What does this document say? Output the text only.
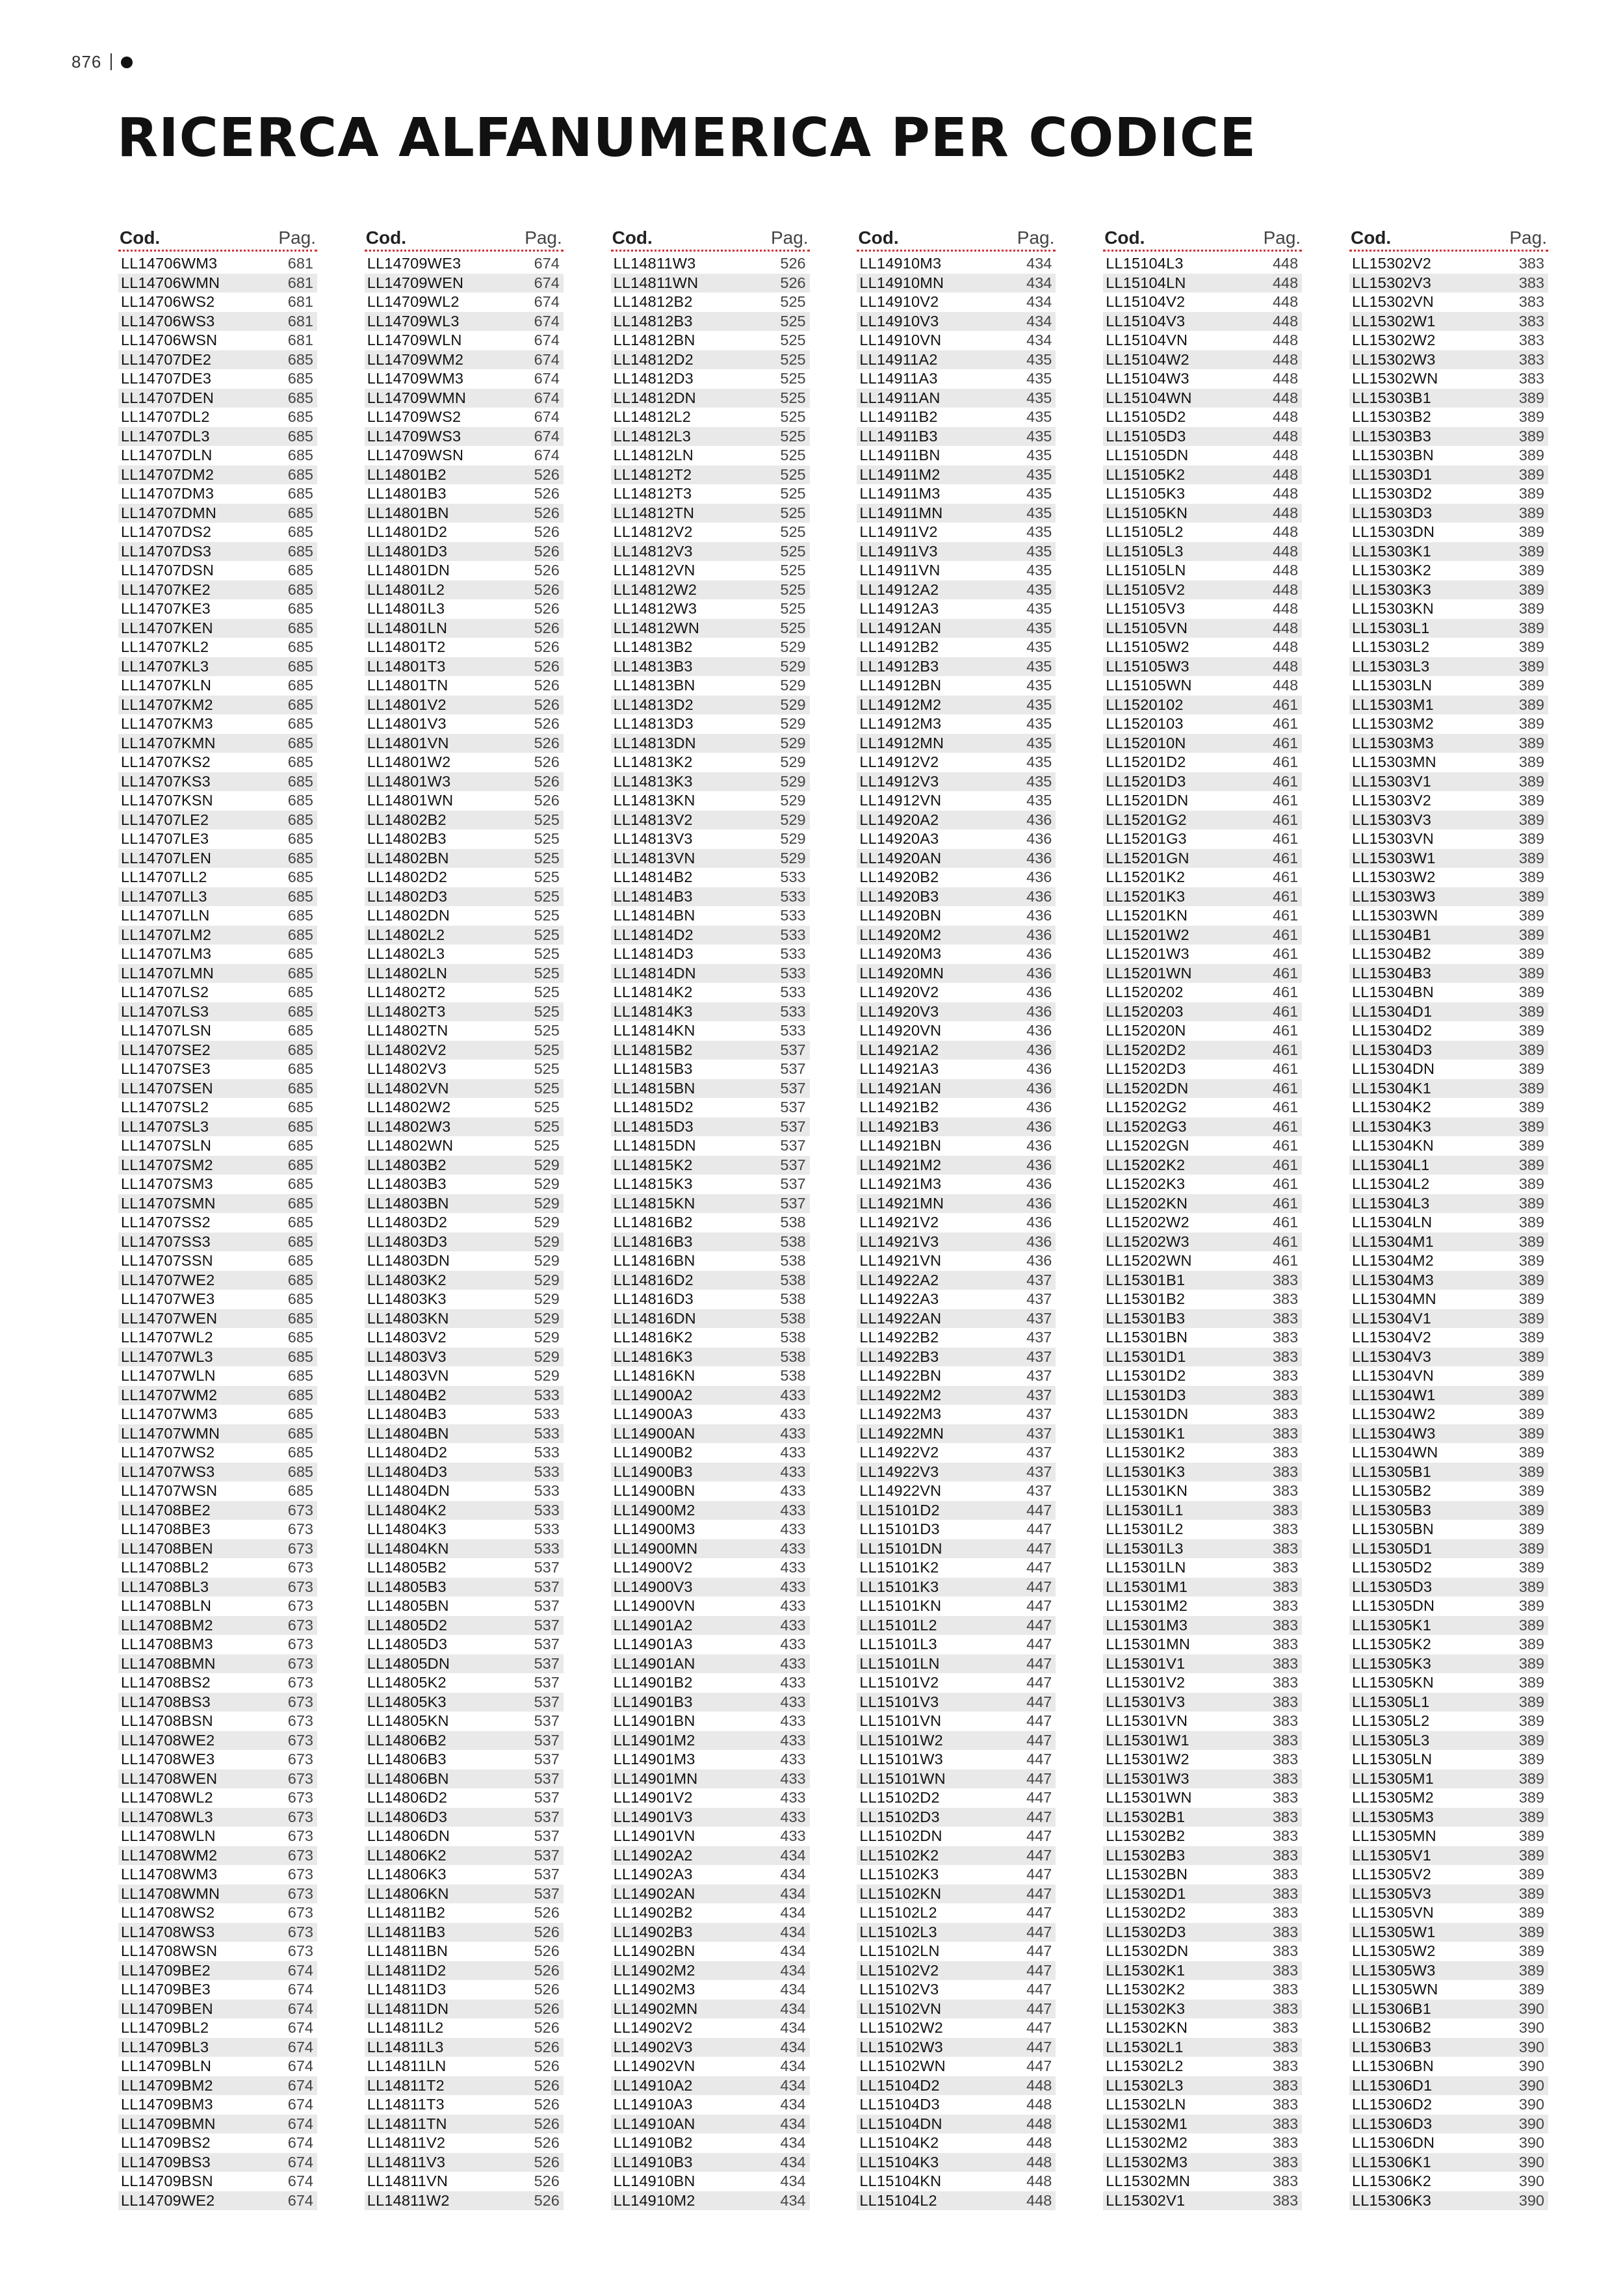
876
RICERCA ALFANUMERICA PER CODICE
Cod.	Pag.
LL14706WM3	681
LL14706WMN	681
LL14706WS2	681
LL14706WS3	681
LL14706WSN	681
LL14707DE2	685
LL14707DE3	685
LL14707DEN	685
LL14707DL2	685
LL14707DL3	685
LL14707DLN	685
LL14707DM2	685
LL14707DM3	685
LL14707DMN	685
LL14707DS2	685
LL14707DS3	685
LL14707DSN	685
LL14707KE2	685
LL14707KE3	685
LL14707KEN	685
LL14707KL2	685
LL14707KL3	685
LL14707KLN	685
LL14707KM2	685
LL14707KM3	685
LL14707KMN	685
LL14707KS2	685
LL14707KS3	685
LL14707KSN	685
LL14707LE2	685
LL14707LE3	685
LL14707LEN	685
LL14707LL2	685
LL14707LL3	685
LL14707LLN	685
LL14707LM2	685
LL14707LM3	685
LL14707LMN	685
LL14707LS2	685
LL14707LS3	685
LL14707LSN	685
LL14707SE2	685
LL14707SE3	685
LL14707SEN	685
LL14707SL2	685
LL14707SL3	685
LL14707SLN	685
LL14707SM2	685
LL14707SM3	685
LL14707SMN	685
LL14707SS2	685
LL14707SS3	685
LL14707SSN	685
LL14707WE2	685
LL14707WE3	685
LL14707WEN	685
LL14707WL2	685
LL14707WL3	685
LL14707WLN	685
LL14707WM2	685
LL14707WM3	685
LL14707WMN	685
LL14707WS2	685
LL14707WS3	685
LL14707WSN	685
LL14708BE2	673
LL14708BE3	673
LL14708BEN	673
LL14708BL2	673
LL14708BL3	673
LL14708BLN	673
LL14708BM2	673
LL14708BM3	673
LL14708BMN	673
LL14708BS2	673
LL14708BS3	673
LL14708BSN	673
LL14708WE2	673
LL14708WE3	673
LL14708WEN	673
LL14708WL2	673
LL14708WL3	673
LL14708WLN	673
LL14708WM2	673
LL14708WM3	673
LL14708WMN	673
LL14708WS2	673
LL14708WS3	673
LL14708WSN	673
LL14709BE2	674
LL14709BE3	674
LL14709BEN	674
LL14709BL2	674
LL14709BL3	674
LL14709BLN	674
LL14709BM2	674
LL14709BM3	674
LL14709BMN	674
LL14709BS2	674
LL14709BS3	674
LL14709BSN	674
LL14709WE2	674
Cod.	Pag.
LL14709WE3	674
LL14709WEN	674
LL14709WL2	674
LL14709WL3	674
LL14709WLN	674
LL14709WM2	674
LL14709WM3	674
LL14709WMN	674
LL14709WS2	674
LL14709WS3	674
LL14709WSN	674
LL14801B2	526
LL14801B3	526
LL14801BN	526
LL14801D2	526
LL14801D3	526
LL14801DN	526
LL14801L2	526
LL14801L3	526
LL14801LN	526
LL14801T2	526
LL14801T3	526
LL14801TN	526
LL14801V2	526
LL14801V3	526
LL14801VN	526
LL14801W2	526
LL14801W3	526
LL14801WN	526
LL14802B2	525
LL14802B3	525
LL14802BN	525
LL14802D2	525
LL14802D3	525
LL14802DN	525
LL14802L2	525
LL14802L3	525
LL14802LN	525
LL14802T2	525
LL14802T3	525
LL14802TN	525
LL14802V2	525
LL14802V3	525
LL14802VN	525
LL14802W2	525
LL14802W3	525
LL14802WN	525
LL14803B2	529
LL14803B3	529
LL14803BN	529
LL14803D2	529
LL14803D3	529
LL14803DN	529
LL14803K2	529
LL14803K3	529
LL14803KN	529
LL14803V2	529
LL14803V3	529
LL14803VN	529
LL14804B2	533
LL14804B3	533
LL14804BN	533
LL14804D2	533
LL14804D3	533
LL14804DN	533
LL14804K2	533
LL14804K3	533
LL14804KN	533
LL14805B2	537
LL14805B3	537
LL14805BN	537
LL14805D2	537
LL14805D3	537
LL14805DN	537
LL14805K2	537
LL14805K3	537
LL14805KN	537
LL14806B2	537
LL14806B3	537
LL14806BN	537
LL14806D2	537
LL14806D3	537
LL14806DN	537
LL14806K2	537
LL14806K3	537
LL14806KN	537
LL14811B2	526
LL14811B3	526
LL14811BN	526
LL14811D2	526
LL14811D3	526
LL14811DN	526
LL14811L2	526
LL14811L3	526
LL14811LN	526
LL14811T2	526
LL14811T3	526
LL14811TN	526
LL14811V2	526
LL14811V3	526
LL14811VN	526
LL14811W2	526
Cod.	Pag.
LL14811W3	526
LL14811WN	526
LL14812B2	525
LL14812B3	525
LL14812BN	525
LL14812D2	525
LL14812D3	525
LL14812DN	525
LL14812L2	525
LL14812L3	525
LL14812LN	525
LL14812T2	525
LL14812T3	525
LL14812TN	525
LL14812V2	525
LL14812V3	525
LL14812VN	525
LL14812W2	525
LL14812W3	525
LL14812WN	525
LL14813B2	529
LL14813B3	529
LL14813BN	529
LL14813D2	529
LL14813D3	529
LL14813DN	529
LL14813K2	529
LL14813K3	529
LL14813KN	529
LL14813V2	529
LL14813V3	529
LL14813VN	529
LL14814B2	533
LL14814B3	533
LL14814BN	533
LL14814D2	533
LL14814D3	533
LL14814DN	533
LL14814K2	533
LL14814K3	533
LL14814KN	533
LL14815B2	537
LL14815B3	537
LL14815BN	537
LL14815D2	537
LL14815D3	537
LL14815DN	537
LL14815K2	537
LL14815K3	537
LL14815KN	537
LL14816B2	538
LL14816B3	538
LL14816BN	538
LL14816D2	538
LL14816D3	538
LL14816DN	538
LL14816K2	538
LL14816K3	538
LL14816KN	538
LL14900A2	433
LL14900A3	433
LL14900AN	433
LL14900B2	433
LL14900B3	433
LL14900BN	433
LL14900M2	433
LL14900M3	433
LL14900MN	433
LL14900V2	433
LL14900V3	433
LL14900VN	433
LL14901A2	433
LL14901A3	433
LL14901AN	433
LL14901B2	433
LL14901B3	433
LL14901BN	433
LL14901M2	433
LL14901M3	433
LL14901MN	433
LL14901V2	433
LL14901V3	433
LL14901VN	433
LL14902A2	434
LL14902A3	434
LL14902AN	434
LL14902B2	434
LL14902B3	434
LL14902BN	434
LL14902M2	434
LL14902M3	434
LL14902MN	434
LL14902V2	434
LL14902V3	434
LL14902VN	434
LL14910A2	434
LL14910A3	434
LL14910AN	434
LL14910B2	434
LL14910B3	434
LL14910BN	434
LL14910M2	434
Cod.	Pag.
LL14910M3	434
LL14910MN	434
LL14910V2	434
LL14910V3	434
LL14910VN	434
LL14911A2	435
LL14911A3	435
LL14911AN	435
LL14911B2	435
LL14911B3	435
LL14911BN	435
LL14911M2	435
LL14911M3	435
LL14911MN	435
LL14911V2	435
LL14911V3	435
LL14911VN	435
LL14912A2	435
LL14912A3	435
LL14912AN	435
LL14912B2	435
LL14912B3	435
LL14912BN	435
LL14912M2	435
LL14912M3	435
LL14912MN	435
LL14912V2	435
LL14912V3	435
LL14912VN	435
LL14920A2	436
LL14920A3	436
LL14920AN	436
LL14920B2	436
LL14920B3	436
LL14920BN	436
LL14920M2	436
LL14920M3	436
LL14920MN	436
LL14920V2	436
LL14920V3	436
LL14920VN	436
LL14921A2	436
LL14921A3	436
LL14921AN	436
LL14921B2	436
LL14921B3	436
LL14921BN	436
LL14921M2	436
LL14921M3	436
LL14921MN	436
LL14921V2	436
LL14921V3	436
LL14921VN	436
LL14922A2	437
LL14922A3	437
LL14922AN	437
LL14922B2	437
LL14922B3	437
LL14922BN	437
LL14922M2	437
LL14922M3	437
LL14922MN	437
LL14922V2	437
LL14922V3	437
LL14922VN	437
LL15101D2	447
LL15101D3	447
LL15101DN	447
LL15101K2	447
LL15101K3	447
LL15101KN	447
LL15101L2	447
LL15101L3	447
LL15101LN	447
LL15101V2	447
LL15101V3	447
LL15101VN	447
LL15101W2	447
LL15101W3	447
LL15101WN	447
LL15102D2	447
LL15102D3	447
LL15102DN	447
LL15102K2	447
LL15102K3	447
LL15102KN	447
LL15102L2	447
LL15102L3	447
LL15102LN	447
LL15102V2	447
LL15102V3	447
LL15102VN	447
LL15102W2	447
LL15102W3	447
LL15102WN	447
LL15104D2	448
LL15104D3	448
LL15104DN	448
LL15104K2	448
LL15104K3	448
LL15104KN	448
LL15104L2	448
Cod.	Pag.
LL15104L3	448
LL15104LN	448
LL15104V2	448
LL15104V3	448
LL15104VN	448
LL15104W2	448
LL15104W3	448
LL15104WN	448
LL15105D2	448
LL15105D3	448
LL15105DN	448
LL15105K2	448
LL15105K3	448
LL15105KN	448
LL15105L2	448
LL15105L3	448
LL15105LN	448
LL15105V2	448
LL15105V3	448
LL15105VN	448
LL15105W2	448
LL15105W3	448
LL15105WN	448
LL1520102	461
LL1520103	461
LL152010N	461
LL15201D2	461
LL15201D3	461
LL15201DN	461
LL15201G2	461
LL15201G3	461
LL15201GN	461
LL15201K2	461
LL15201K3	461
LL15201KN	461
LL15201W2	461
LL15201W3	461
LL15201WN	461
LL1520202	461
LL1520203	461
LL152020N	461
LL15202D2	461
LL15202D3	461
LL15202DN	461
LL15202G2	461
LL15202G3	461
LL15202GN	461
LL15202K2	461
LL15202K3	461
LL15202KN	461
LL15202W2	461
LL15202W3	461
LL15202WN	461
LL15301B1	383
LL15301B2	383
LL15301B3	383
LL15301BN	383
LL15301D1	383
LL15301D2	383
LL15301D3	383
LL15301DN	383
LL15301K1	383
LL15301K2	383
LL15301K3	383
LL15301KN	383
LL15301L1	383
LL15301L2	383
LL15301L3	383
LL15301LN	383
LL15301M1	383
LL15301M2	383
LL15301M3	383
LL15301MN	383
LL15301V1	383
LL15301V2	383
LL15301V3	383
LL15301VN	383
LL15301W1	383
LL15301W2	383
LL15301W3	383
LL15301WN	383
LL15302B1	383
LL15302B2	383
LL15302B3	383
LL15302BN	383
LL15302D1	383
LL15302D2	383
LL15302D3	383
LL15302DN	383
LL15302K1	383
LL15302K2	383
LL15302K3	383
LL15302KN	383
LL15302L1	383
LL15302L2	383
LL15302L3	383
LL15302LN	383
LL15302M1	383
LL15302M2	383
LL15302M3	383
LL15302MN	383
LL15302V1	383
Cod.	Pag.
LL15302V2	383
LL15302V3	383
LL15302VN	383
LL15302W1	383
LL15302W2	383
LL15302W3	383
LL15302WN	383
LL15303B1	389
LL15303B2	389
LL15303B3	389
LL15303BN	389
LL15303D1	389
LL15303D2	389
LL15303D3	389
LL15303DN	389
LL15303K1	389
LL15303K2	389
LL15303K3	389
LL15303KN	389
LL15303L1	389
LL15303L2	389
LL15303L3	389
LL15303LN	389
LL15303M1	389
LL15303M2	389
LL15303M3	389
LL15303MN	389
LL15303V1	389
LL15303V2	389
LL15303V3	389
LL15303VN	389
LL15303W1	389
LL15303W2	389
LL15303W3	389
LL15303WN	389
LL15304B1	389
LL15304B2	389
LL15304B3	389
LL15304BN	389
LL15304D1	389
LL15304D2	389
LL15304D3	389
LL15304DN	389
LL15304K1	389
LL15304K2	389
LL15304K3	389
LL15304KN	389
LL15304L1	389
LL15304L2	389
LL15304L3	389
LL15304LN	389
LL15304M1	389
LL15304M2	389
LL15304M3	389
LL15304MN	389
LL15304V1	389
LL15304V2	389
LL15304V3	389
LL15304VN	389
LL15304W1	389
LL15304W2	389
LL15304W3	389
LL15304WN	389
LL15305B1	389
LL15305B2	389
LL15305B3	389
LL15305BN	389
LL15305D1	389
LL15305D2	389
LL15305D3	389
LL15305DN	389
LL15305K1	389
LL15305K2	389
LL15305K3	389
LL15305KN	389
LL15305L1	389
LL15305L2	389
LL15305L3	389
LL15305LN	389
LL15305M1	389
LL15305M2	389
LL15305M3	389
LL15305MN	389
LL15305V1	389
LL15305V2	389
LL15305V3	389
LL15305VN	389
LL15305W1	389
LL15305W2	389
LL15305W3	389
LL15305WN	389
LL15306B1	390
LL15306B2	390
LL15306B3	390
LL15306BN	390
LL15306D1	390
LL15306D2	390
LL15306D3	390
LL15306DN	390
LL15306K1	390
LL15306K2	390
LL15306K3	390
